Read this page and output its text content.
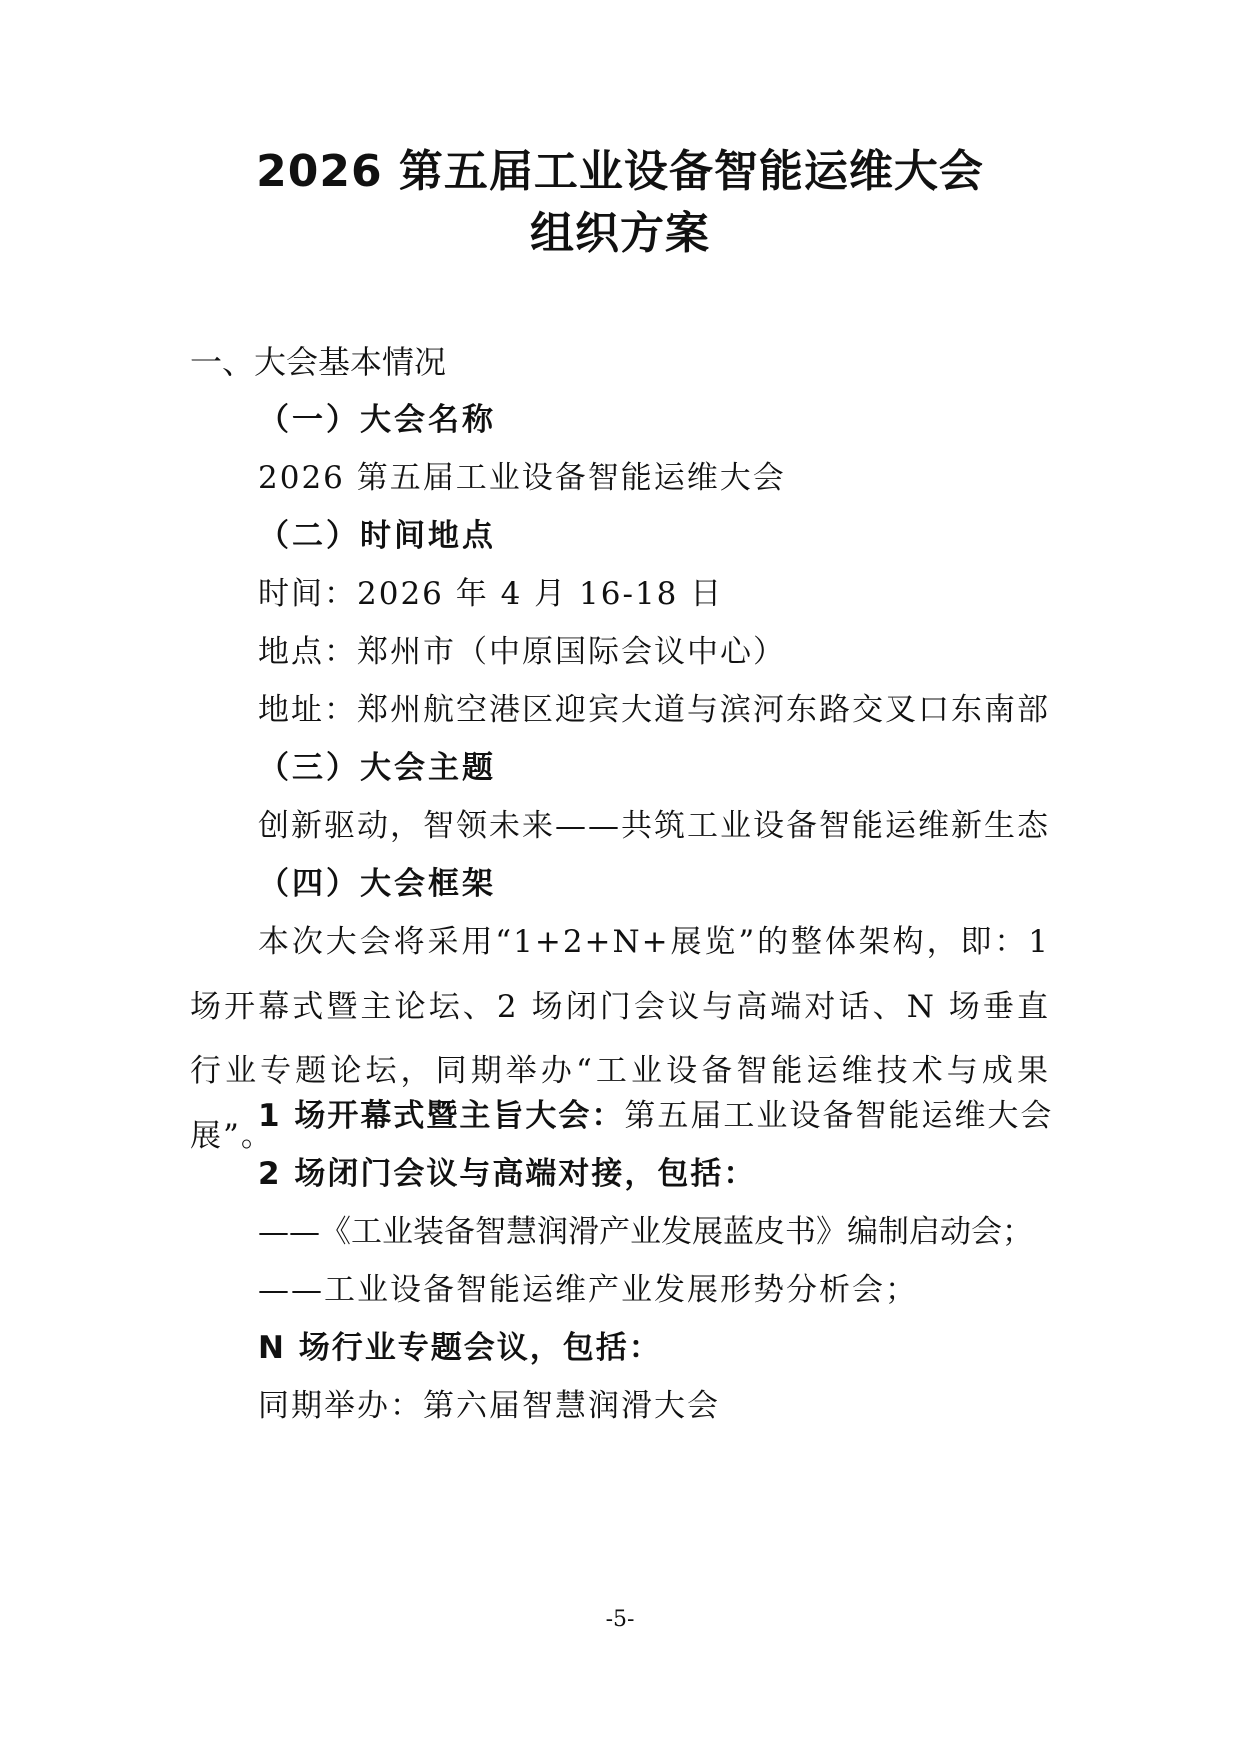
2026 第五届工业设备智能运维大会
组织方案
一、大会基本情况
（一）大会名称
2026 第五届工业设备智能运维大会
（二）时间地点
时间：2026 年 4 月 16-18 日
地点：郑州市（中原国际会议中心）
地址：郑州航空港区迎宾大道与滨河东路交叉口东南部
（三）大会主题
创新驱动，智领未来——共筑工业设备智能运维新生态
（四）大会框架
本次大会将采用“1+2+N+展览”的整体架构，即：1 场开幕式暨主论坛、2 场闭门会议与高端对话、N 场垂直行业专题论坛，同期举办“工业设备智能运维技术与成果展”。
1 场开幕式暨主旨大会：第五届工业设备智能运维大会
2 场闭门会议与高端对接，包括：
——《工业装备智慧润滑产业发展蓝皮书》编制启动会；
——工业设备智能运维产业发展形势分析会；
N 场行业专题会议，包括：
同期举办：第六届智慧润滑大会
-5-
